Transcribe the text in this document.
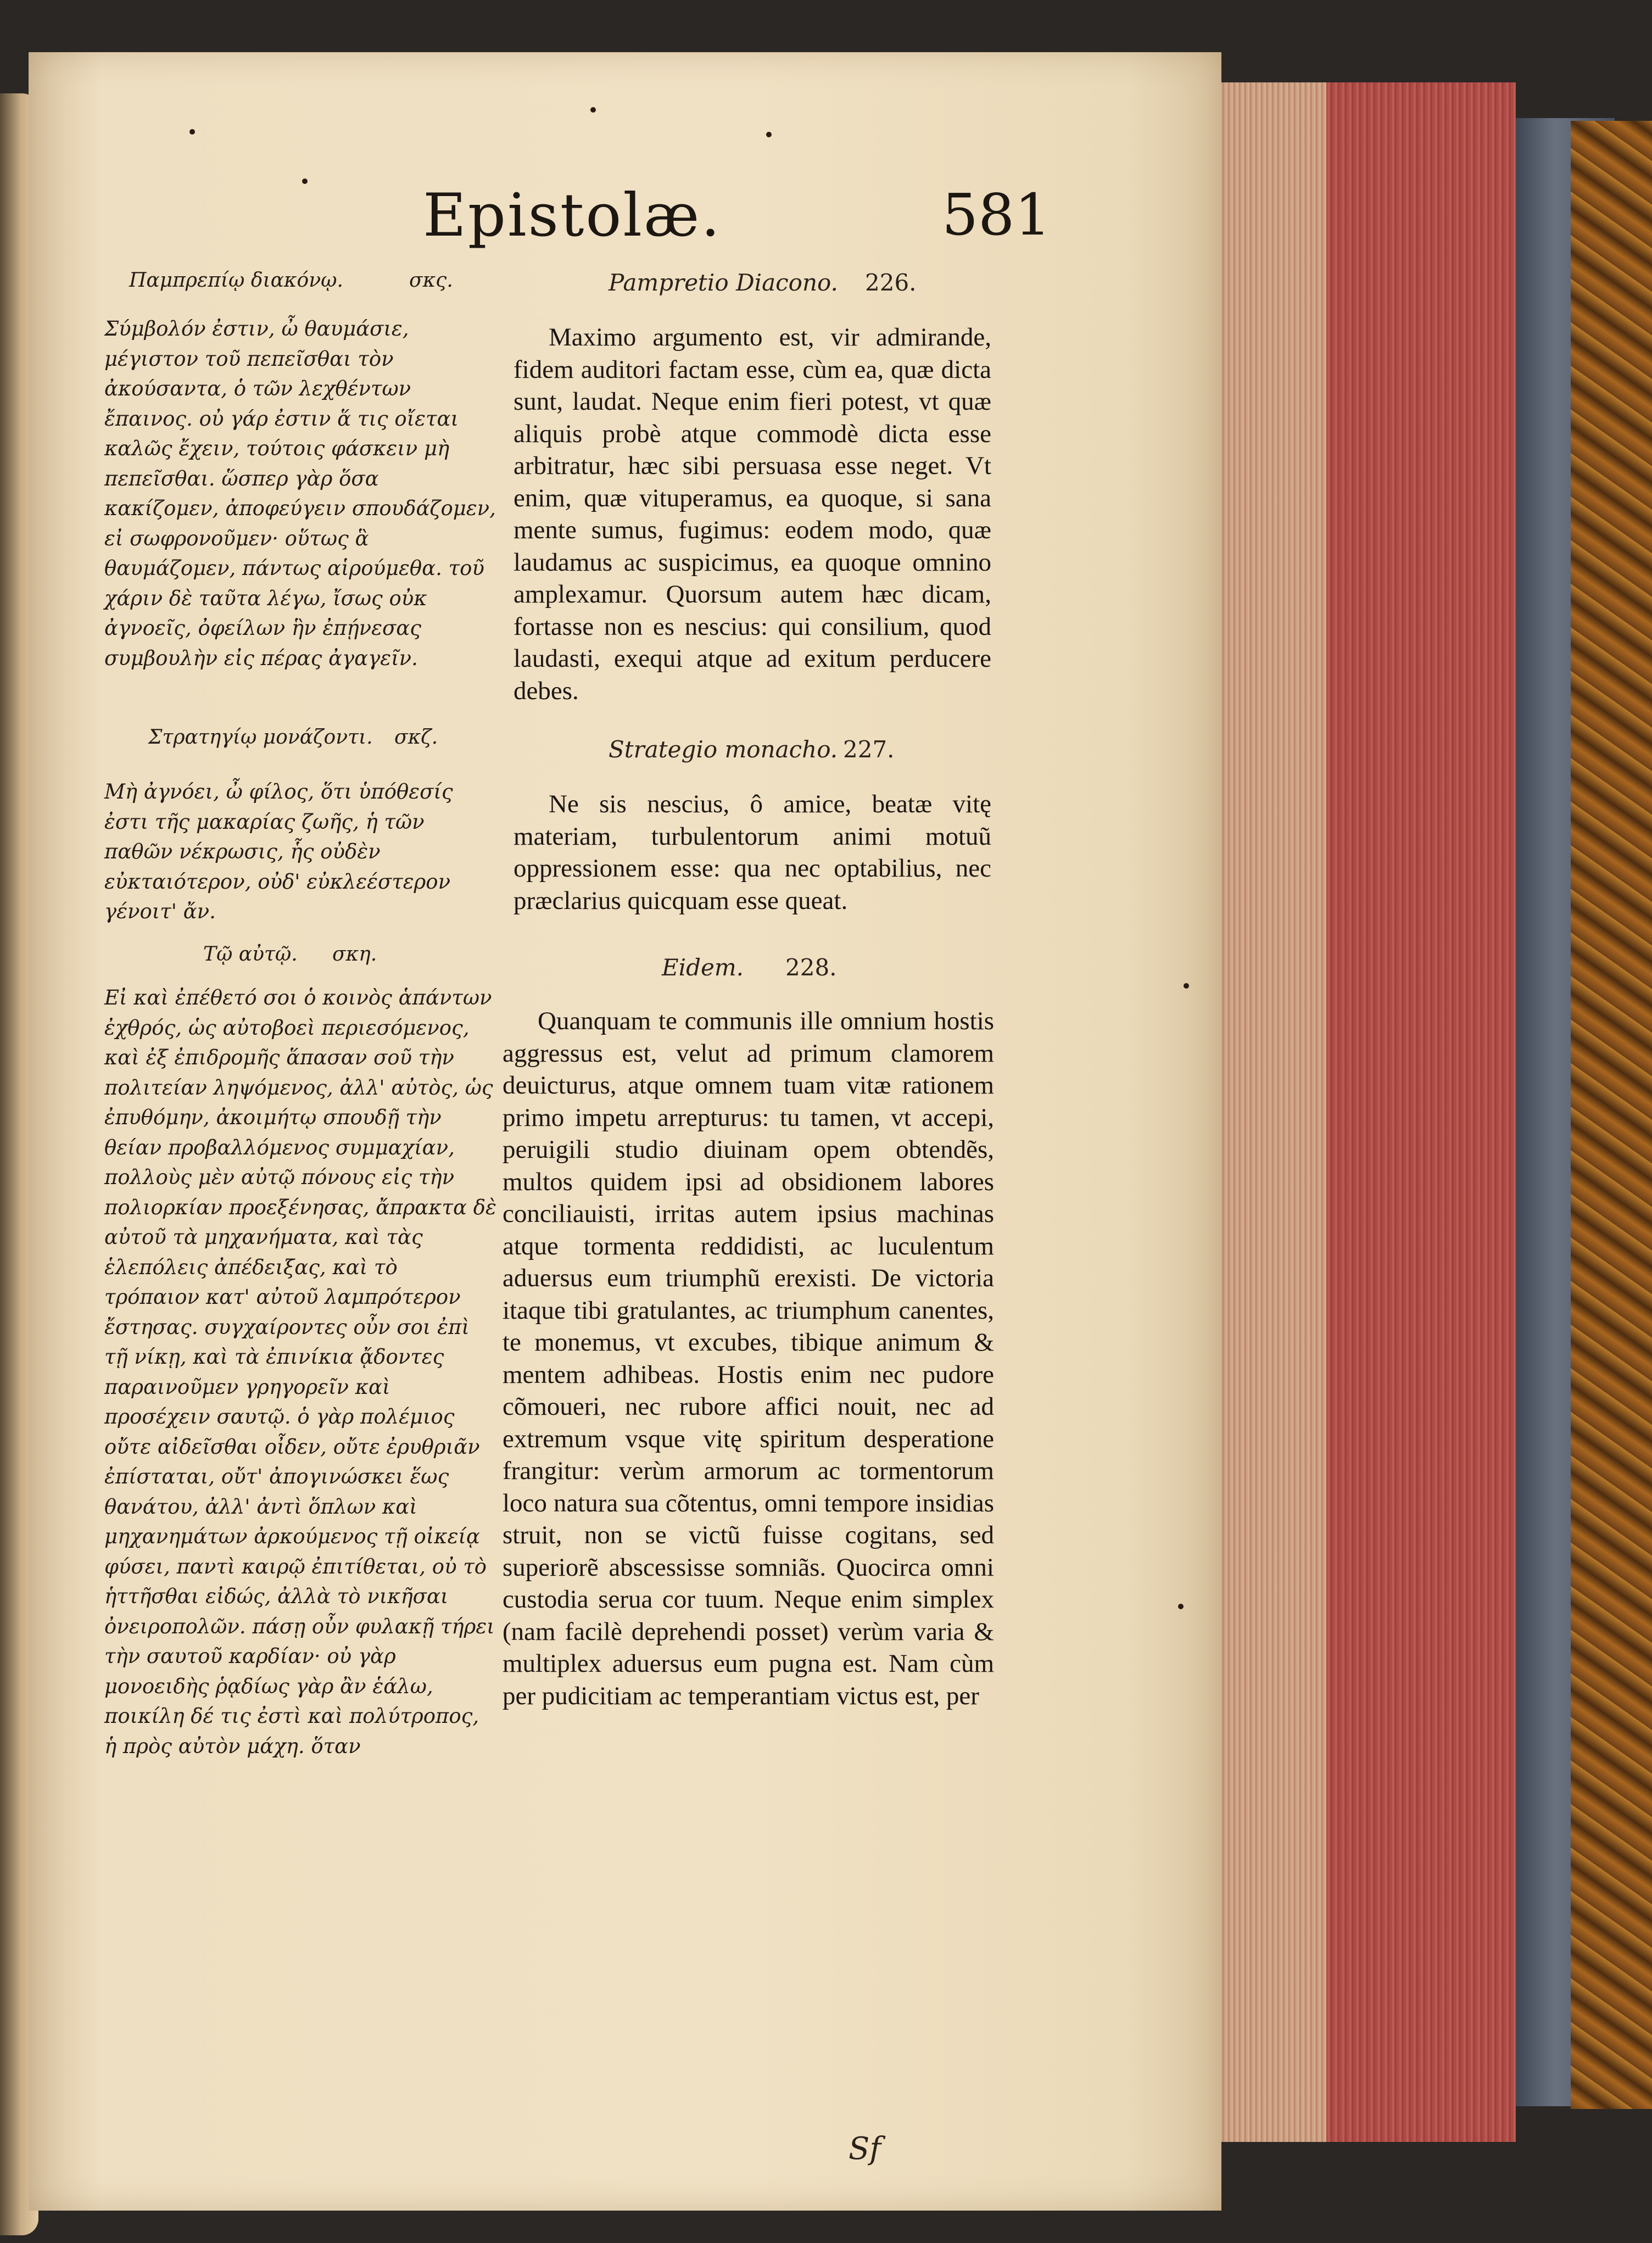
Epistolæ.	581
Παμπρεπίῳ διακόνῳ.	σκς.	Pampretio Diacono. 226.

Σύμβολόν ἐστιν, ὦ θαυμάσιε, μέγιστον τοῦ πεπεῖσθαι τὸν ἀκούσαντα, ὁ τῶν λεχθέντων ἔπαινος. οὐ γάρ ἐστιν ἅ τις οἴεται καλῶς ἔχειν, τούτοις φάσκειν μὴ πεπεῖσθαι. ὥσπερ γὰρ ὅσα κακίζομεν, ἀποφεύγειν σπουδάζομεν, εἰ σωφρονοῦμεν· οὕτως ἃ θαυμάζομεν, πάντως αἱρούμεθα. τοῦ χάριν δὲ ταῦτα λέγω, ἴσως οὐκ ἀγνοεῖς, ὀφείλων ἣν ἐπῄνεσας συμβουλὴν εἰς πέρας ἀγαγεῖν.

Maximo argumento est, vir admirande, fidem auditori factam esse, cùm ea, quæ dicta sunt, laudat. Neque enim fieri potest, vt quæ aliquis probè atque commodè dicta esse arbitratur, hæc sibi persuasa esse neget. Vt enim, quæ vituperamus, ea quoque, si sana mente sumus, fugimus: eodem modo, quæ laudamus ac suspicimus, ea quoque omnino amplexamur. Quorsum autem hæc dicam, fortasse non es nescius: qui consilium, quod laudasti, exequi atque ad exitum perducere debes.

Στρατηγίῳ μονάζοντι. σκζ.	Strategio monacho. 227.

Μὴ ἀγνόει, ὦ φίλος, ὅτι ὑπόθεσίς ἐστι τῆς μακαρίας ζωῆς, ἡ τῶν παθῶν νέκρωσις, ἧς οὐδὲν εὐκταιότερον, οὐδ' εὐκλεέστερον γένοιτ' ἄν.

Ne sis nescius, ô amice, beatæ vitę materiam, turbulentorum animi motuũ oppressionem esse: qua nec optabilius, nec præclarius quicquam esse queat.

Τῷ αὐτῷ. σκη.	Eidem. 228.

Εἰ καὶ ἐπέθετό σοι ὁ κοινὸς ἁπάντων ἐχθρός, ὡς αὐτοβοεὶ περιεσόμενος, καὶ ἐξ ἐπιδρομῆς ἅπασαν σοῦ τὴν πολιτείαν ληψόμενος, ἀλλ' αὐτὸς, ὡς ἐπυθόμην, ἀκοιμήτῳ σπουδῇ τὴν θείαν προβαλλόμενος συμμαχίαν, πολλοὺς μὲν αὐτῷ πόνους εἰς τὴν πολιορκίαν προεξένησας, ἄπρακτα δὲ αὐτοῦ τὰ μηχανήματα, καὶ τὰς ἑλεπόλεις ἀπέδειξας, καὶ τὸ τρόπαιον κατ' αὐτοῦ λαμπρότερον ἔστησας. συγχαίροντες οὖν σοι ἐπὶ τῇ νίκῃ, καὶ τὰ ἐπινίκια ᾄδοντες παραινοῦμεν γρηγορεῖν καὶ προσέχειν σαυτῷ. ὁ γὰρ πολέμιος οὔτε αἰδεῖσθαι οἶδεν, οὔτε ἐρυθριᾶν ἐπίσταται, οὔτ' ἀπογινώσκει ἕως θανάτου, ἀλλ' ἀντὶ ὅπλων καὶ μηχανημάτων ἀρκούμενος τῇ οἰκείᾳ φύσει, παντὶ καιρῷ ἐπιτίθεται, οὐ τὸ ἡττῆσθαι εἰδώς, ἀλλὰ τὸ νικῆσαι ὀνειροπολῶν. πάσῃ οὖν φυλακῇ τήρει τὴν σαυτοῦ καρδίαν· οὐ γὰρ μονοειδὴς ῥᾳδίως γὰρ ἂν ἑάλω, ποικίλη δέ τις ἐστὶ καὶ πολύτροπος, ἡ πρὸς αὐτὸν μάχη. ὅταν

Quanquam te communis ille omnium hostis aggressus est, velut ad primum clamorem deuicturus, atque omnem tuam vitæ rationem primo impetu arrepturus: tu tamen, vt accepi, peruigili studio diuinam opem obtendẽs, multos quidem ipsi ad obsidionem labores conciliauisti, irritas autem ipsius machinas atque tormenta reddidisti, ac luculentum aduersus eum triumphũ erexisti. De victoria itaque tibi gratulantes, ac triumphum canentes, te monemus, vt excubes, tibique animum & mentem adhibeas. Hostis enim nec pudore cõmoueri, nec rubore affici nouit, nec ad extremum vsque vitę spiritum desperatione frangitur: verùm armorum ac tormentorum loco natura sua cõtentus, omni tempore insidias struit, non se victũ fuisse cogitans, sed superiorẽ abscessisse somniãs. Quocirca omni custodia serua cor tuum. Neque enim simplex (nam facilè deprehendi posset) verùm varia & multiplex aduersus eum pugna est. Nam cùm per pudicitiam ac temperantiam victus est, per

Sf
